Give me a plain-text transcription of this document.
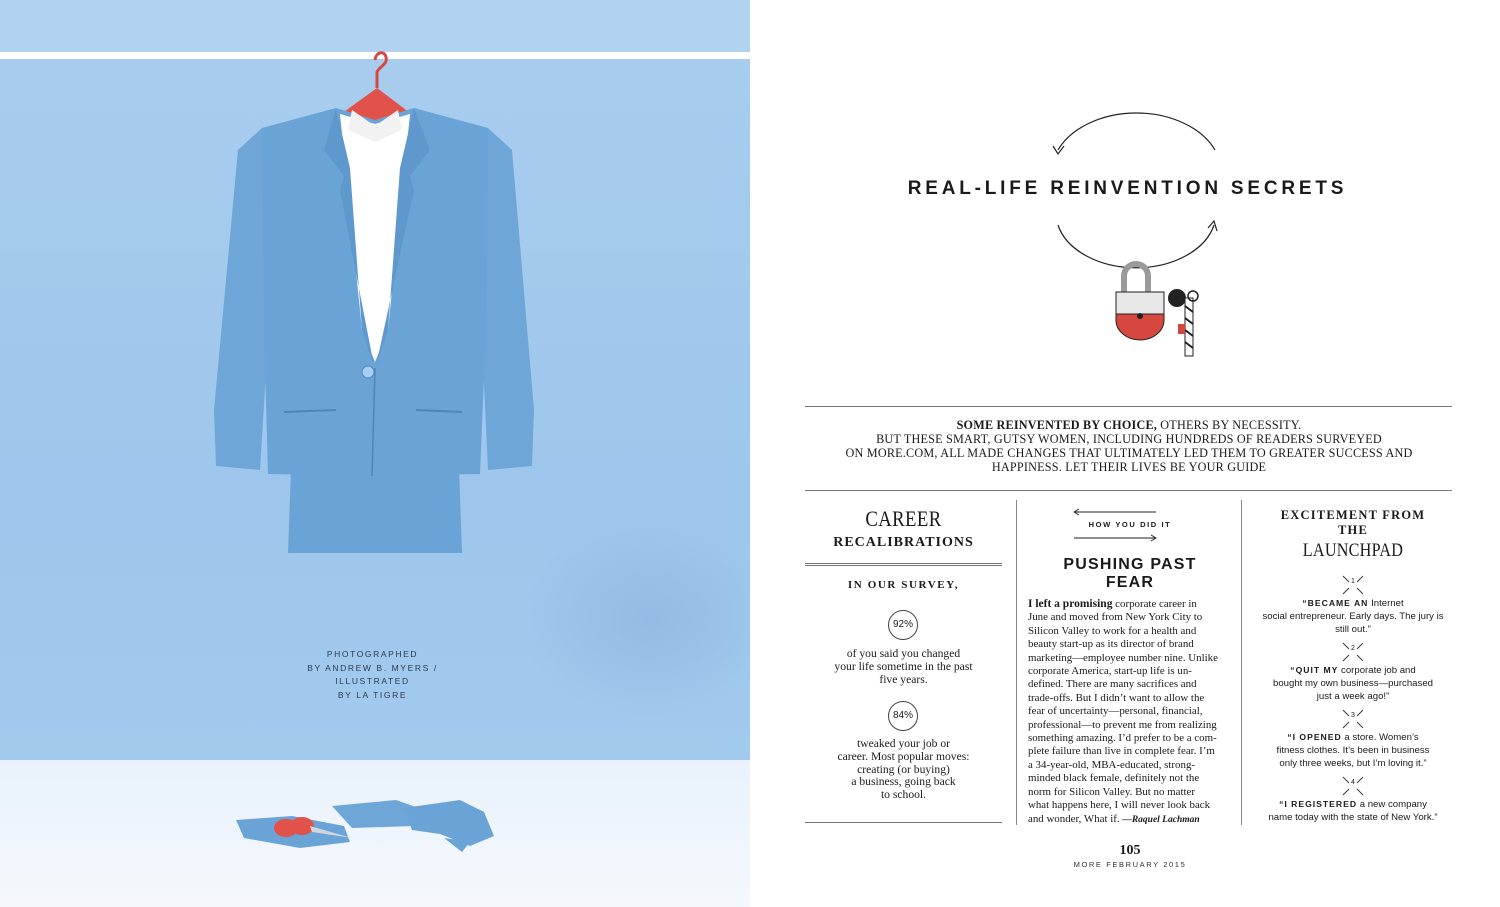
PHOTOGRAPHED
BY ANDREW B. MYERS /
ILLUSTRATED
BY LA TIGRE
REAL-LIFE REINVENTION SECRETS
SOME REINVENTED BY CHOICE, OTHERS BY NECESSITY.
BUT THESE SMART, GUTSY WOMEN, INCLUDING HUNDREDS OF READERS SURVEYED
ON MORE.COM, ALL MADE CHANGES THAT ULTIMATELY LED THEM TO GREATER SUCCESS AND
HAPPINESS. LET THEIR LIVES BE YOUR GUIDE
CAREER
RECALIBRATIONS
IN OUR SURVEY,
92%
of you said you changed
your life sometime in the past
five years.
84%
tweaked your job or
career. Most popular moves:
creating (or buying)
a business, going back
to school.
HOW YOU DID IT
PUSHING PAST
FEAR
I left a promising corporate career in
June and moved from New York City to
Silicon Valley to work for a health and
beauty start-up as its director of brand
marketing—employee number nine. Unlike
corporate America, start-up life is un-
defined. There are many sacrifices and
trade-offs. But I didn’t want to allow the
fear of uncertainty—personal, financial,
professional—to prevent me from realizing
something amazing. I’d prefer to be a com-
plete failure than live in complete fear. I’m
a 34-year-old, MBA-educated, strong-
minded black female, definitely not the
norm for Silicon Valley. But no matter
what happens here, I will never look back
and wonder, What if. —Raquel Lachman
EXCITEMENT FROM
THE
LAUNCHPAD
1
“BECAME AN Internet
social entrepreneur. Early days. The jury is
still out.”
2
“QUIT MY corporate job and
bought my own business—purchased
just a week ago!”
3
“I OPENED a store. Women’s
fitness clothes. It’s been in business
only three weeks, but I’m loving it.”
4
“I REGISTERED a new company
name today with the state of New York.”
105
MORE FEBRUARY 2015
